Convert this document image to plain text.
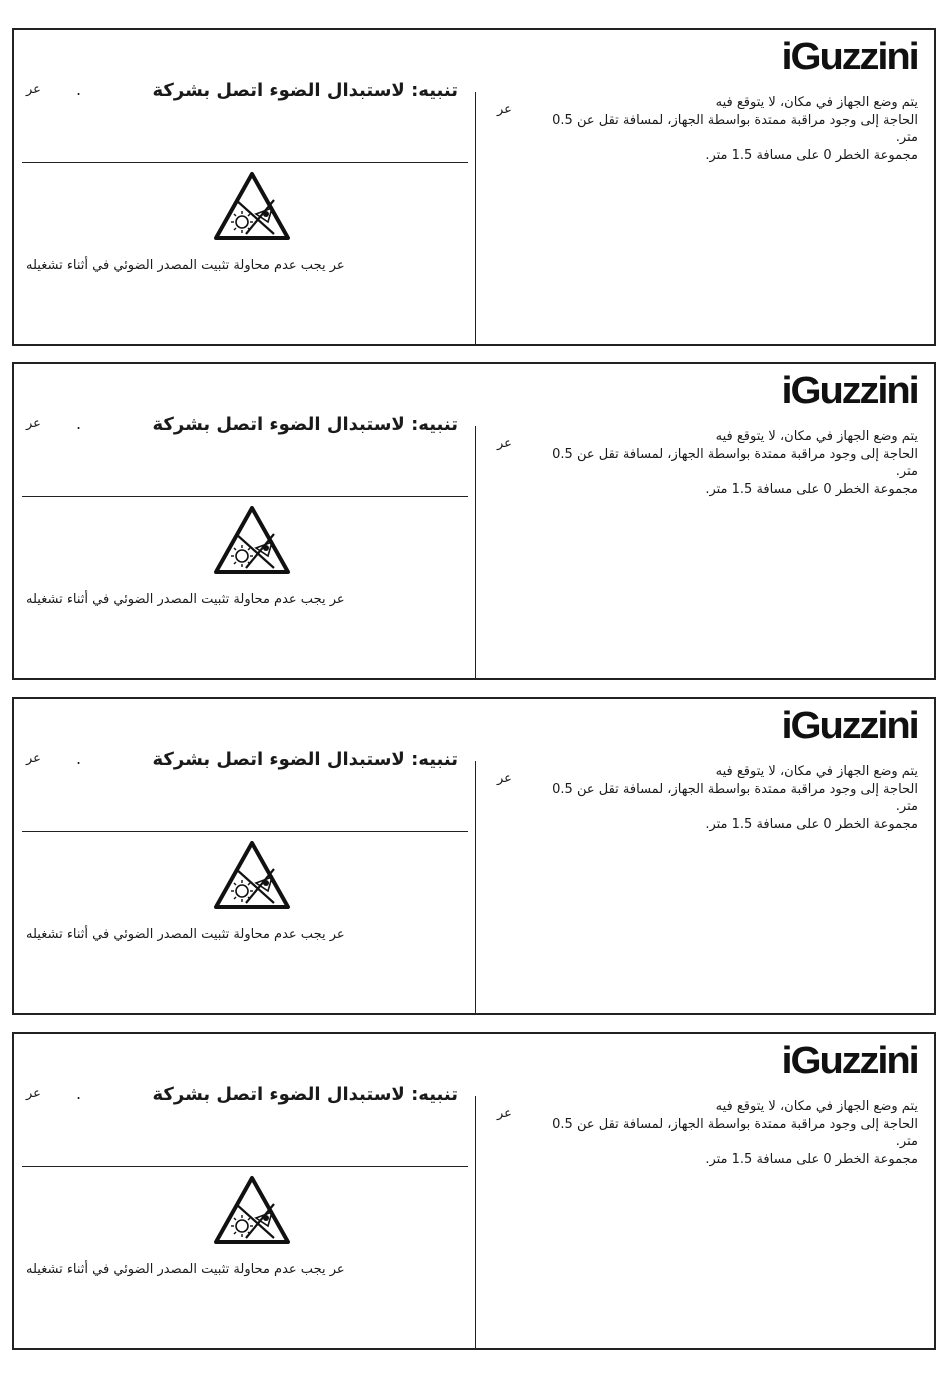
iGuzzini
عر .	تنبيه: لاستبدال الضوء اتصل بشركة
عر يجب عدم محاولة تثبيت المصدر الضوئي في أثناء تشغيله
عر	يتم وضع الجهاز في مكان، لا يتوقع فيه
الحاجة إلى وجود مراقبة ممتدة بواسطة الجهاز، لمسافة تقل عن 0.5
متر.
مجموعة الخطر 0 على مسافة 1.5 متر.
iGuzzini
عر .	تنبيه: لاستبدال الضوء اتصل بشركة
عر يجب عدم محاولة تثبيت المصدر الضوئي في أثناء تشغيله
عر	يتم وضع الجهاز في مكان، لا يتوقع فيه
الحاجة إلى وجود مراقبة ممتدة بواسطة الجهاز، لمسافة تقل عن 0.5
متر.
مجموعة الخطر 0 على مسافة 1.5 متر.
iGuzzini
عر .	تنبيه: لاستبدال الضوء اتصل بشركة
عر يجب عدم محاولة تثبيت المصدر الضوئي في أثناء تشغيله
عر	يتم وضع الجهاز في مكان، لا يتوقع فيه
الحاجة إلى وجود مراقبة ممتدة بواسطة الجهاز، لمسافة تقل عن 0.5
متر.
مجموعة الخطر 0 على مسافة 1.5 متر.
iGuzzini
عر .	تنبيه: لاستبدال الضوء اتصل بشركة
عر يجب عدم محاولة تثبيت المصدر الضوئي في أثناء تشغيله
عر	يتم وضع الجهاز في مكان، لا يتوقع فيه
الحاجة إلى وجود مراقبة ممتدة بواسطة الجهاز، لمسافة تقل عن 0.5
متر.
مجموعة الخطر 0 على مسافة 1.5 متر.
